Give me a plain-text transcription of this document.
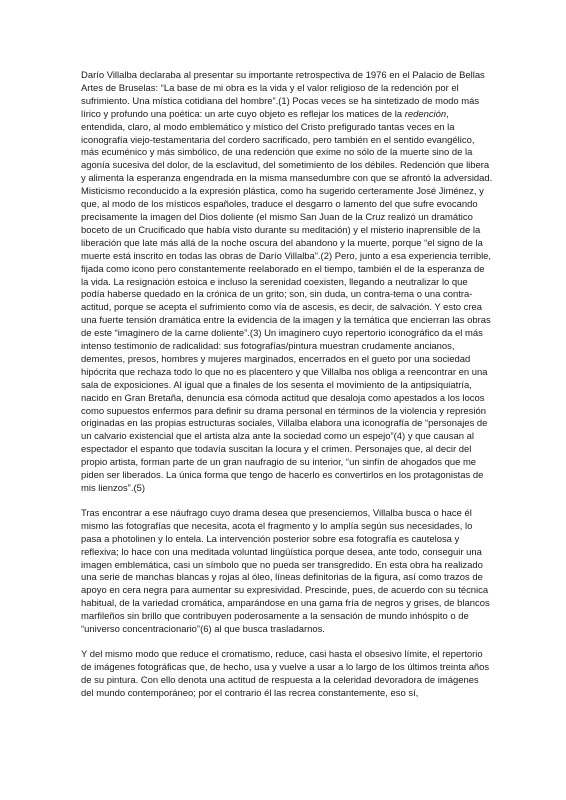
Darío Villalba declaraba al presentar su importante retrospectiva de 1976 en el Palacio de Bellas Artes de Bruselas: “La base de mi obra es la vida y el valor religioso de la redención por el sufrimiento. Una mística cotidiana del hombre”.(1) Pocas veces se ha sintetizado de modo más lírico y profundo una poética: un arte cuyo objeto es reflejar los matices de la redención, entendida, claro, al modo emblemático y místico del Cristo prefigurado tantas veces en la iconografía viejo-testamentaria del cordero sacrificado, pero también en el sentido evangélico, más ecuménico y más simbólico, de una redención que exime no sólo de la muerte sino de la agonía sucesiva del dolor, de la esclavitud, del sometimiento de los débiles. Redención que libera y alimenta la esperanza engendrada en la misma mansedumbre con que se afrontó la adversidad. Misticismo reconducido a la expresión plástica, como ha sugerido certeramente José Jiménez, y que, al modo de los místicos españoles, traduce el desgarro o lamento del que sufre evocando precisamente la imagen del Dios doliente (el mismo San Juan de la Cruz realizó un dramático boceto de un Crucificado que había visto durante su meditación) y el misterio inaprensible de la liberación que late más allá de la noche oscura del abandono y la muerte, porque “el signo de la muerte está inscrito en todas las obras de Darío Villalba”.(2) Pero, junto a esa experiencia terrible, fijada como icono pero constantemente reelaborado en el tiempo, también el de la esperanza de la vida. La resignación estoica e incluso la serenidad coexisten, llegando a neutralizar lo que podía haberse quedado en la crónica de un grito; son, sin duda, un contra-tema o una contra-actitud, porque se acepta el sufrimiento como vía de ascesis, es decir, de salvación. Y esto crea una fuerte tensión dramática entre la evidencia de la imagen y la temática que encierran las obras de este “imaginero de la carne doliente”.(3) Un imaginero cuyo repertorio iconográfico da el más intenso testimonio de radicalidad: sus fotografías/pintura muestran crudamente ancianos, dementes, presos, hombres y mujeres marginados, encerrados en el gueto por una sociedad hipócrita que rechaza todo lo que no es placentero y que Villalba nos obliga a reencontrar en una sala de exposiciones. Al igual que a finales de los sesenta el movimiento de la antipsiquiatría, nacido en Gran Bretaña, denuncia esa cómoda actitud que desaloja como apestados a los locos como supuestos enfermos para definir su drama personal en términos de la violencia y represión originadas en las propias estructuras sociales, Villalba elabora una iconografía de “personajes de un calvario existencial que el artista alza ante la sociedad como un espejo”(4) y que causan al espectador el espanto que todavía suscitan la locura y el crimen. Personajes que, al decir del propio artista, forman parte de un gran naufragio de su interior, “un sinfín de ahogados que me piden ser liberados. La única forma que tengo de hacerlo es convertirlos en los protagonistas de mis lienzos”.(5)

Tras encontrar a ese náufrago cuyo drama desea que presenciemos, Villalba busca o hace él mismo las fotografías que necesita, acota el fragmento y lo amplía según sus necesidades, lo pasa a photolinen y lo entela. La intervención posterior sobre esa fotografía es cautelosa y reflexiva; lo hace con una meditada voluntad lingüística porque desea, ante todo, conseguir una imagen emblemática, casi un símbolo que no pueda ser transgredido. En esta obra ha realizado una serie de manchas blancas y rojas al óleo, líneas definitorias de la figura, así como trazos de apoyo en cera negra para aumentar su expresividad. Prescinde, pues, de acuerdo con su técnica habitual, de la variedad cromática, amparándose en una gama fría de negros y grises, de blancos marfileños sin brillo que contribuyen poderosamente a la sensación de mundo inhóspito o de “universo concentracionario”(6) al que busca trasladarnos.

Y del mismo modo que reduce el cromatismo, reduce, casi hasta el obsesivo límite, el repertorio de imágenes fotográficas que, de hecho, usa y vuelve a usar a lo largo de los últimos treinta años de su pintura. Con ello denota una actitud de respuesta a la celeridad devoradora de imágenes del mundo contemporáneo; por el contrario él las recrea constantemente, eso sí,
